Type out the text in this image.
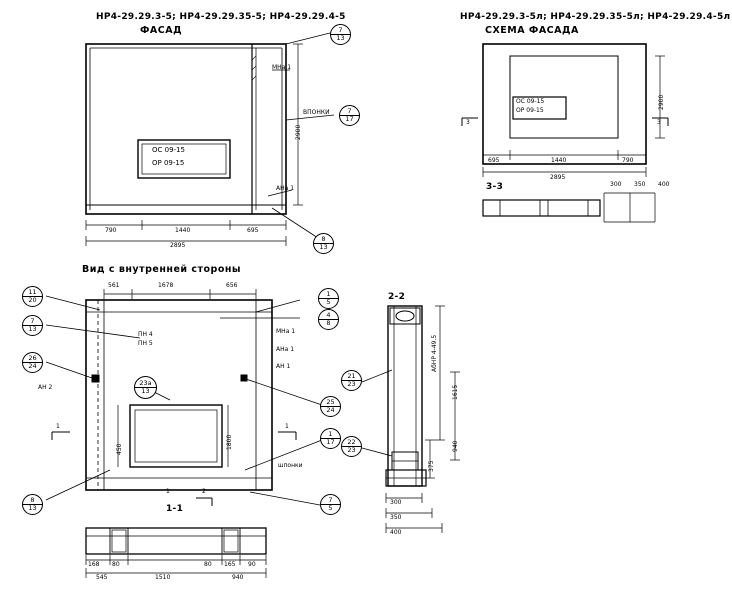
НР4-29.29.3-5; НР4-29.29.35-5; НР4-29.29.4-5	НР4-29.29.3-5л; НР4-29.29.35-5л; НР4-29.29.4-5л
ФАСАД	СХЕМА ФАСАДА
Вид с внутренней стороны
ОС 09-15
ОР 09-15
МНа 1
ВПОНКИ
АНа 1
790	1440	695
2895
2900
7
13
7
17
8
13
ОС 09-15
ОР 09-15
3	3
695	1440	790
2895
2900
3-3	300 350 400
561	1678	656
1800
450
ПН 4
ПН 5
МНа 1
АНа 1
АН 1
АН 2
шпонки
1	1
2
1
11
20
7
13
26
24
23а
13
1
5
4
8
25
24
1
17
7
5
8
13	1-1
168 80	80 165 90
545	1510	940
2-2
АбНР 4-49.5
1615
940
375
300
350
400
21
23
22
23
